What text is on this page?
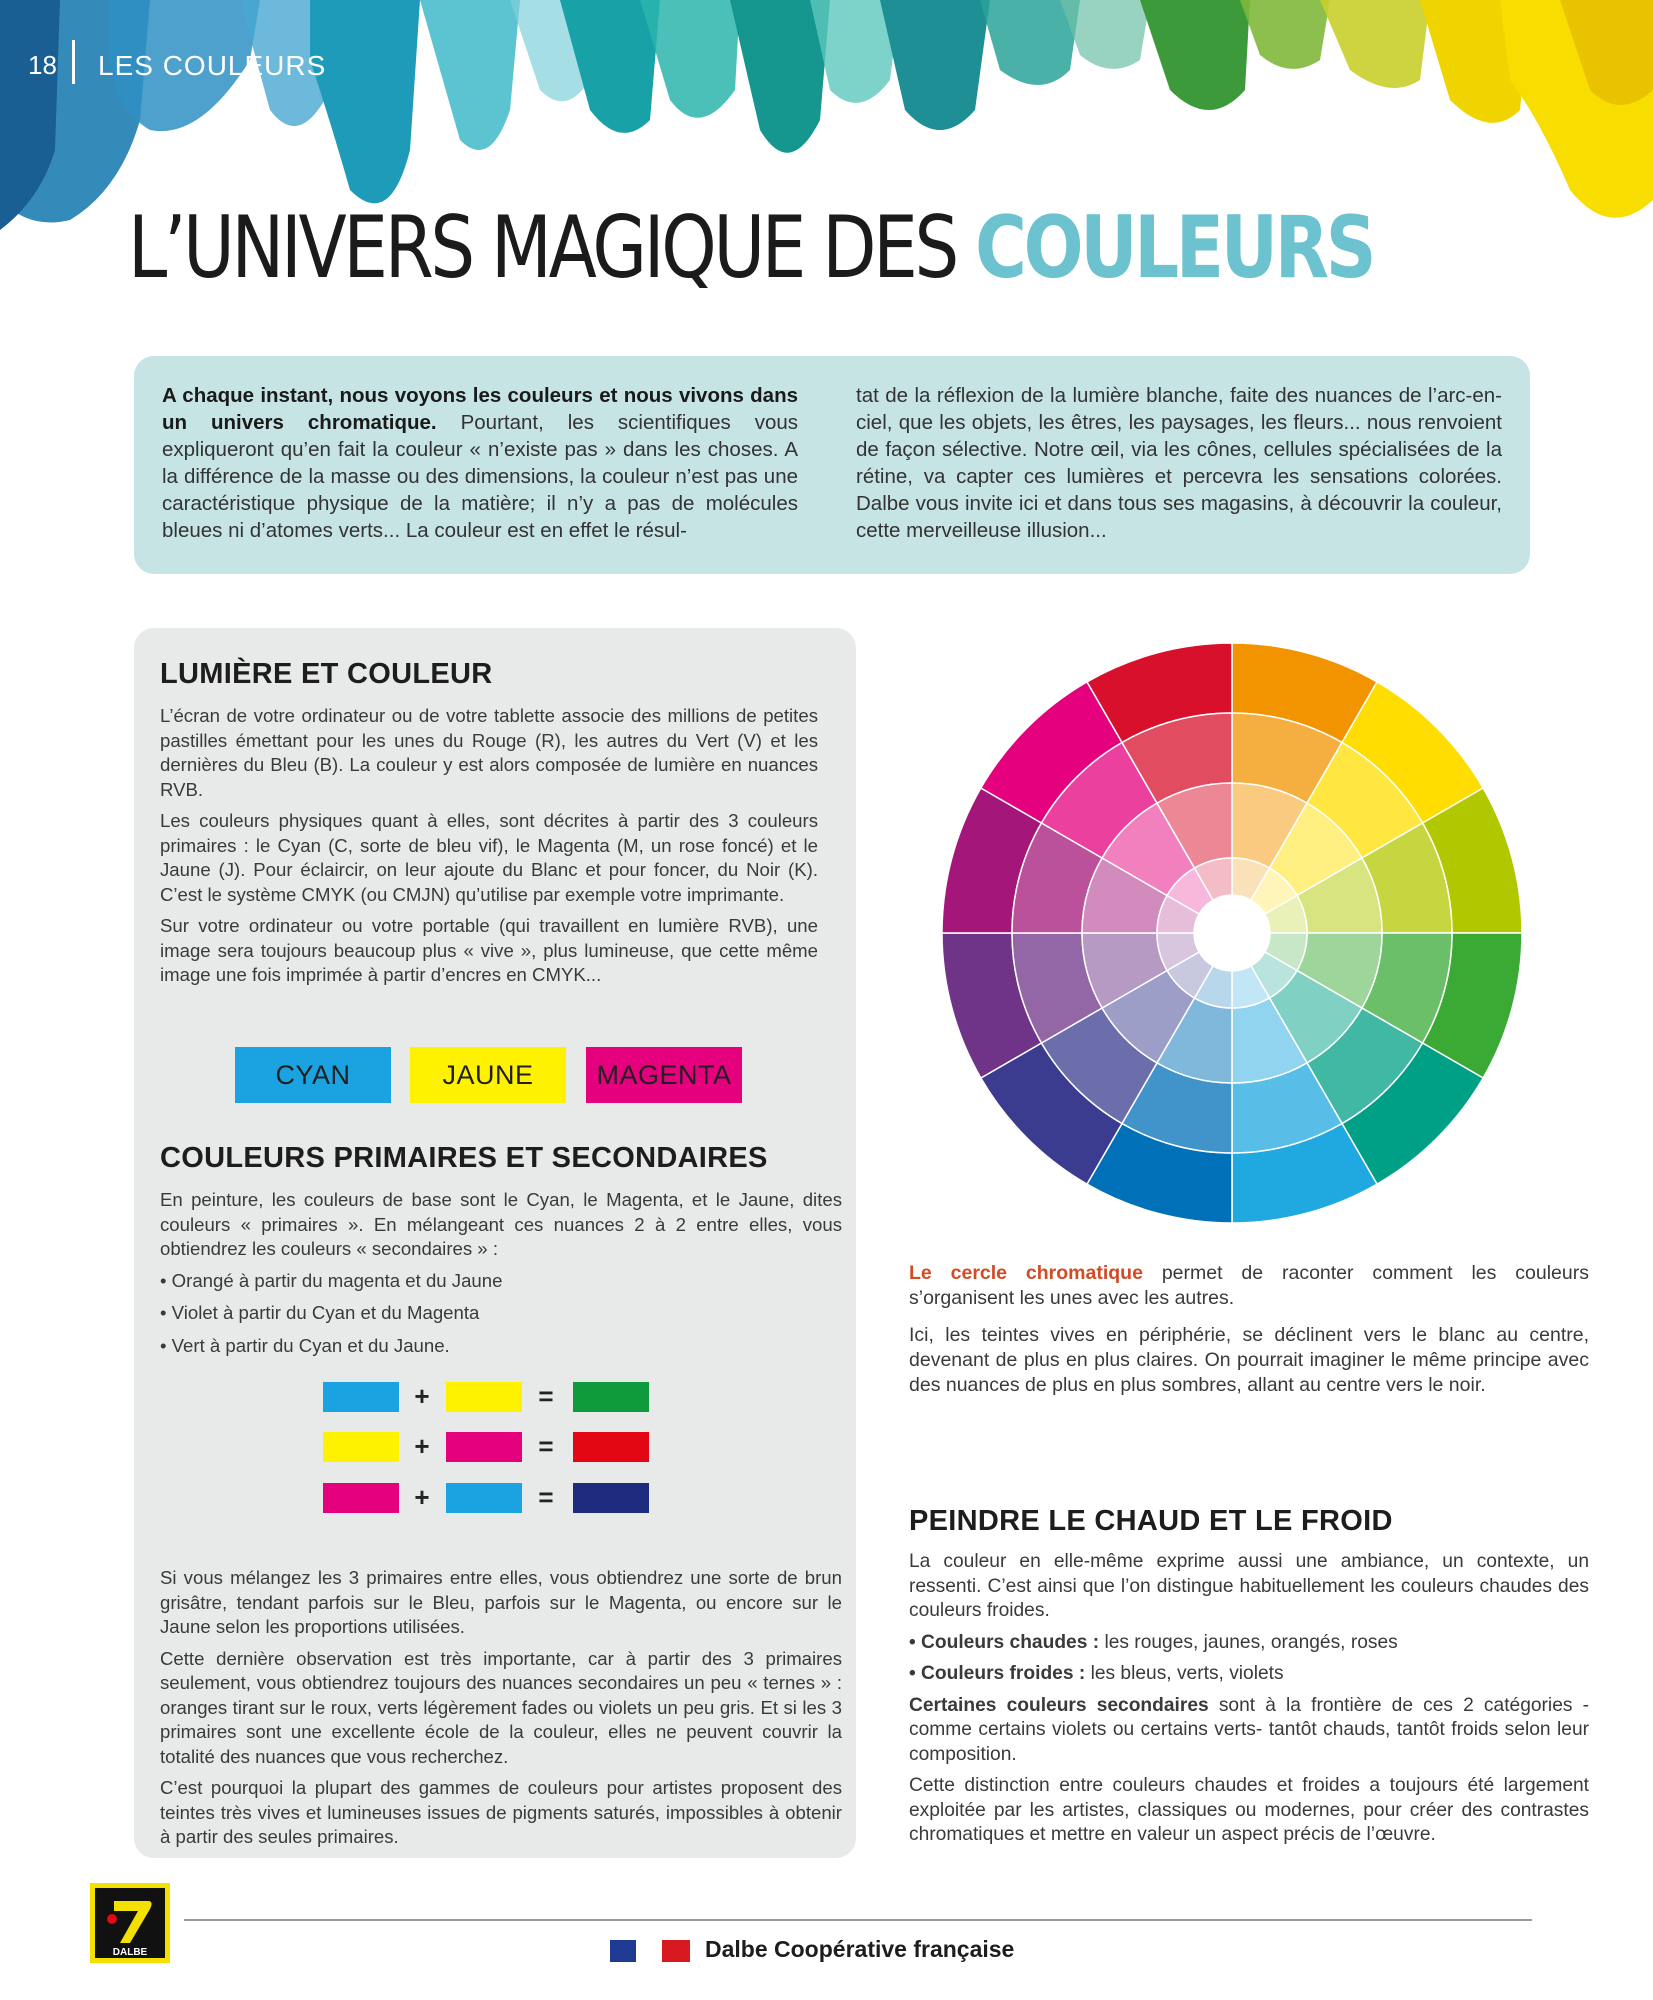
18 LES COULEURS
L’UNIVERS MAGIQUE DES COULEURS

A chaque instant, nous voyons les couleurs et nous vivons dans un univers chromatique. Pourtant, les scientifiques vous expliqueront qu’en fait la couleur « n’existe pas » dans les choses. A la différence de la masse ou des dimensions, la couleur n’est pas une caractéristique physique de la matière; il n’y a pas de molécules bleues ni d’atomes verts... La couleur est en effet le résul-

tat de la réflexion de la lumière blanche, faite des nuances de l’arc-en-ciel, que les objets, les êtres, les paysages, les fleurs... nous renvoient de façon sélective. Notre œil, via les cônes, cellules spécialisées de la rétine, va capter ces lumières et percevra les sensations colorées. Dalbe vous invite ici et dans tous ses magasins, à découvrir la couleur, cette merveilleuse illusion...

LUMIÈRE ET COULEUR

L’écran de votre ordinateur ou de votre tablette associe des millions de petites pastilles émettant pour les unes du Rouge (R), les autres du Vert (V) et les dernières du Bleu (B). La couleur y est alors composée de lumière en nuances RVB.

Les couleurs physiques quant à elles, sont décrites à partir des 3 couleurs primaires : le Cyan (C, sorte de bleu vif), le Magenta (M, un rose foncé) et le Jaune (J). Pour éclaircir, on leur ajoute du Blanc et pour foncer, du Noir (K). C’est le système CMYK (ou CMJN) qu’utilise par exemple votre imprimante.

Sur votre ordinateur ou votre portable (qui travaillent en lumière RVB), une image sera toujours beaucoup plus « vive », plus lumineuse, que cette même image une fois imprimée à partir d’encres en CMYK...

CYAN	JAUNE	MAGENTA
COULEURS PRIMAIRES ET SECONDAIRES

En peinture, les couleurs de base sont le Cyan, le Magenta, et le Jaune, dites couleurs « primaires ». En mélangeant ces nuances 2 à 2 entre elles, vous obtiendrez les couleurs « secondaires » :

• Orangé à partir du magenta et du Jaune
• Violet à partir du Cyan et du Magenta
• Vert à partir du Cyan et du Jaune.
+	=
+	=
+	=

Si vous mélangez les 3 primaires entre elles, vous obtiendrez une sorte de brun grisâtre, tendant parfois sur le Bleu, parfois sur le Magenta, ou encore sur le Jaune selon les proportions utilisées.

Cette dernière observation est très importante, car à partir des 3 primaires seulement, vous obtiendrez toujours des nuances secondaires un peu « ternes » : oranges tirant sur le roux, verts légèrement fades ou violets un peu gris. Et si les 3 primaires sont une excellente école de la couleur, elles ne peuvent couvrir la totalité des nuances que vous recherchez.

C’est pourquoi la plupart des gammes de couleurs pour artistes proposent des teintes très vives et lumineuses issues de pigments saturés, impossibles à obtenir à partir des seules primaires.

Le cercle chromatique permet de raconter comment les couleurs s’organisent les unes avec les autres.

Ici, les teintes vives en périphérie, se déclinent vers le blanc au centre, devenant de plus en plus claires. On pourrait imaginer le même principe avec des nuances de plus en plus sombres, allant au centre vers le noir.

PEINDRE LE CHAUD ET LE FROID

La couleur en elle-même exprime aussi une ambiance, un contexte, un ressenti. C’est ainsi que l’on distingue habituellement les couleurs chaudes des couleurs froides.

• Couleurs chaudes : les rouges, jaunes, orangés, roses

• Couleurs froides : les bleus, verts, violets

Certaines couleurs secondaires sont à la frontière de ces 2 catégories -comme certains violets ou certains verts- tantôt chauds, tantôt froids selon leur composition.

Cette distinction entre couleurs chaudes et froides a toujours été largement exploitée par les artistes, classiques ou modernes, pour créer des contrastes chromatiques et mettre en valeur un aspect précis de l’œuvre.

DALBE	Dalbe Coopérative française
